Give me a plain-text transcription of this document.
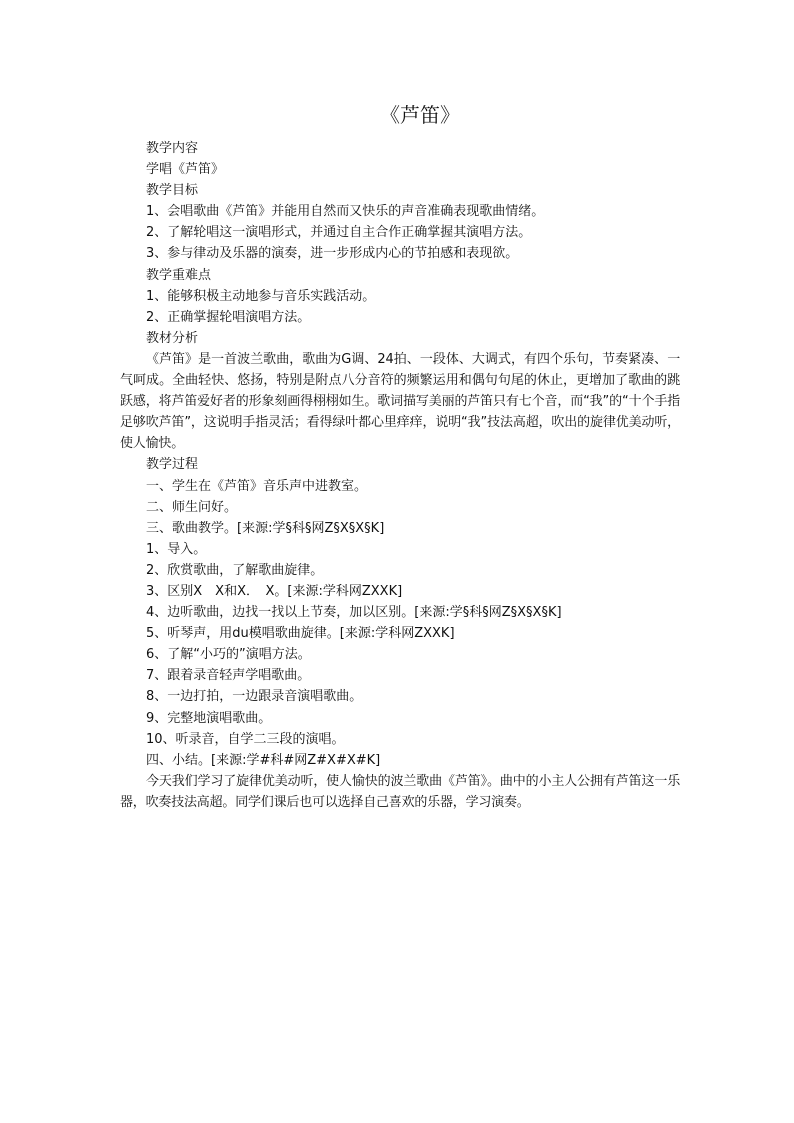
《芦笛》
教学内容
学唱《芦笛》
教学目标
1、会唱歌曲《芦笛》并能用自然而又快乐的声音准确表现歌曲情绪。
2、了解轮唱这一演唱形式，并通过自主合作正确掌握其演唱方法。
3、参与律动及乐器的演奏，进一步形成内心的节拍感和表现欲。
教学重难点
1、能够积极主动地参与音乐实践活动。
2、正确掌握轮唱演唱方法。
教材分析
《芦笛》是一首波兰歌曲，歌曲为G调、24拍、一段体、大调式，有四个乐句，节奏紧凑、一气呵成。全曲轻快、悠扬，特别是附点八分音符的频繁运用和偶句句尾的休止，更增加了歌曲的跳跃感，将芦笛爱好者的形象刻画得栩栩如生。歌词描写美丽的芦笛只有七个音，而“我”的“十个手指足够吹芦笛”，这说明手指灵活；看得绿叶都心里痒痒，说明“我”技法高超，吹出的旋律优美动听，使人愉快。
教学过程
一、学生在《芦笛》音乐声中进教室。
二、师生问好。
三、歌曲教学。[来源:学§科§网Z§X§X§K]
1、导入。
2、欣赏歌曲，了解歌曲旋律。
3、区别X　X和X．　X。[来源:学科网ZXXK]
4、边听歌曲，边找一找以上节奏，加以区别。[来源:学§科§网Z§X§X§K]
5、听琴声，用du模唱歌曲旋律。[来源:学科网ZXXK]
6、了解“小巧的”演唱方法。
7、跟着录音轻声学唱歌曲。
8、一边打拍，一边跟录音演唱歌曲。
9、完整地演唱歌曲。
10、听录音，自学二三段的演唱。
四、小结。[来源:学#科#网Z#X#X#K]
今天我们学习了旋律优美动听，使人愉快的波兰歌曲《芦笛》。曲中的小主人公拥有芦笛这一乐器，吹奏技法高超。同学们课后也可以选择自己喜欢的乐器，学习演奏。
